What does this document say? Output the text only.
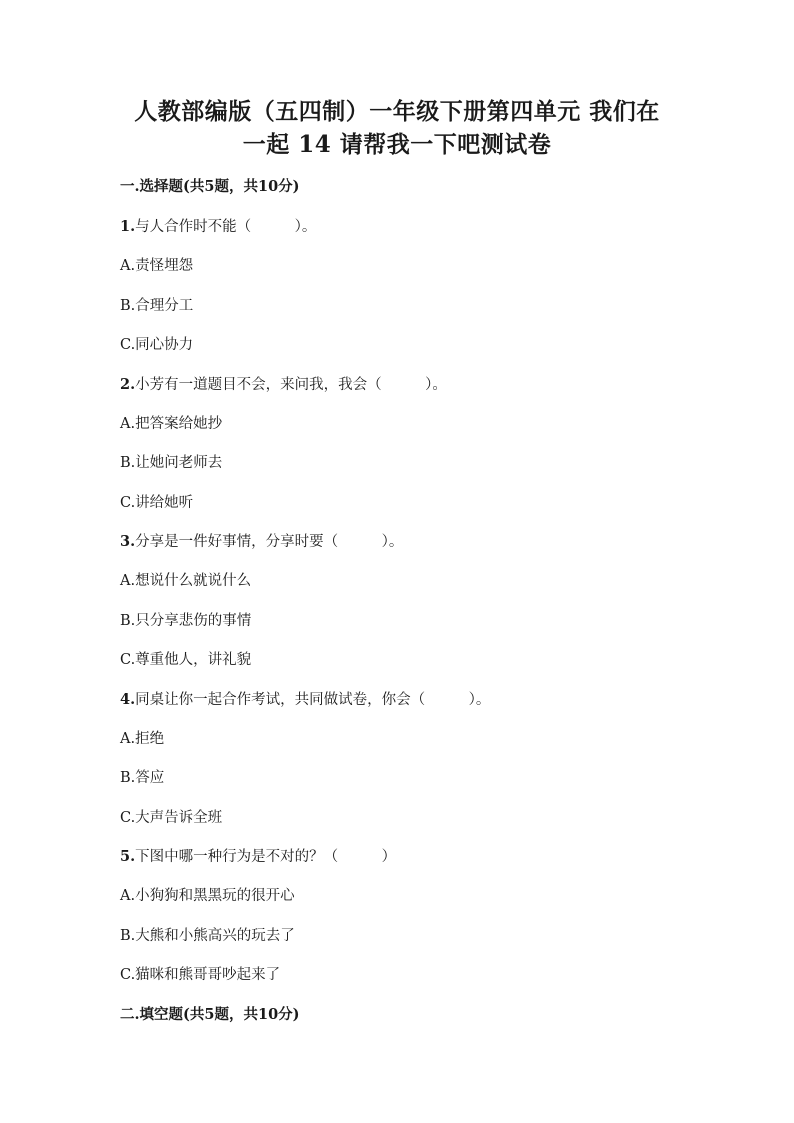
人教部编版（五四制）一年级下册第四单元 我们在
一起 14 请帮我一下吧测试卷
一.选择题(共5题，共10分)
1.与人合作时不能（　　　）。
A.责怪埋怨
B.合理分工
C.同心协力
2.小芳有一道题目不会，来问我，我会（　　　）。
A.把答案给她抄
B.让她问老师去
C.讲给她听
3.分享是一件好事情，分享时要（　　　）。
A.想说什么就说什么
B.只分享悲伤的事情
C.尊重他人，讲礼貌
4.同桌让你一起合作考试，共同做试卷，你会（　　　）。
A.拒绝
B.答应
C.大声告诉全班
5.下图中哪一种行为是不对的？（　　　）
A.小狗狗和黑黑玩的很开心
B.大熊和小熊高兴的玩去了
C.猫咪和熊哥哥吵起来了
二.填空题(共5题，共10分)
